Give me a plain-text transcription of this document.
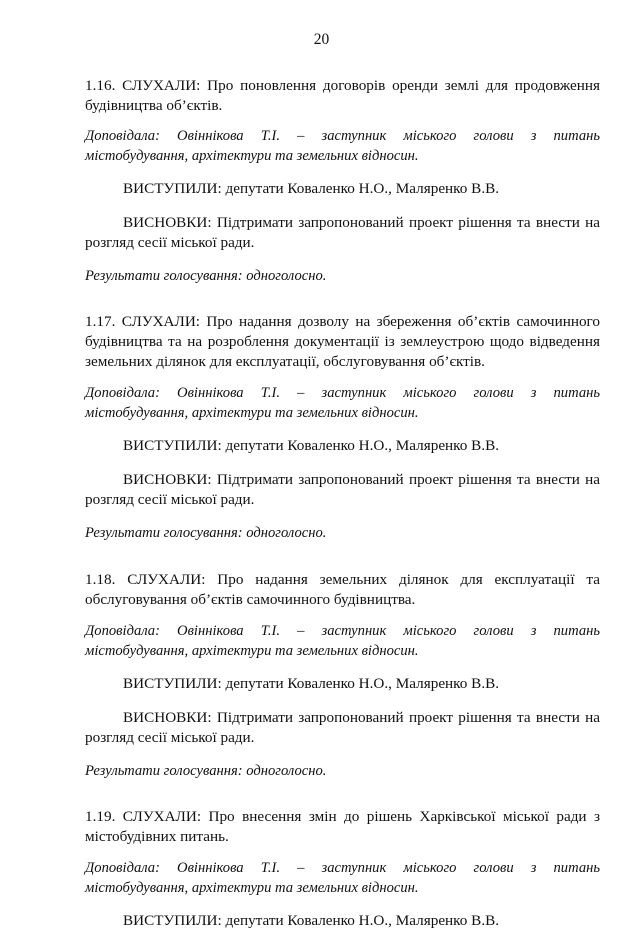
20

1.16. СЛУХАЛИ: Про поновлення договорів оренди землі для продовження будівництва об’єктів.

Доповідала: Овіннікова Т.І. – заступник міського голови з питань
містобудування, архітектури та земельних відносин.

ВИСТУПИЛИ: депутати Коваленко Н.О., Маляренко В.В.

ВИСНОВКИ: Підтримати запропонований проект рішення та внести на розгляд сесії міської ради.

Результати голосування: одноголосно.

1.17. СЛУХАЛИ: Про надання дозволу на збереження об’єктів самочинного будівництва та на розроблення документації із землеустрою щодо відведення земельних ділянок для експлуатації, обслуговування об’єктів.

Доповідала: Овіннікова Т.І. – заступник міського голови з питань
містобудування, архітектури та земельних відносин.

ВИСТУПИЛИ: депутати Коваленко Н.О., Маляренко В.В.

ВИСНОВКИ: Підтримати запропонований проект рішення та внести на розгляд сесії міської ради.

Результати голосування: одноголосно.

1.18. СЛУХАЛИ: Про надання земельних ділянок для експлуатації та обслуговування об’єктів самочинного будівництва.

Доповідала: Овіннікова Т.І. – заступник міського голови з питань
містобудування, архітектури та земельних відносин.

ВИСТУПИЛИ: депутати Коваленко Н.О., Маляренко В.В.

ВИСНОВКИ: Підтримати запропонований проект рішення та внести на розгляд сесії міської ради.

Результати голосування: одноголосно.

1.19. СЛУХАЛИ: Про внесення змін до рішень Харківської міської ради з містобудівних питань.

Доповідала: Овіннікова Т.І. – заступник міського голови з питань
містобудування, архітектури та земельних відносин.

ВИСТУПИЛИ: депутати Коваленко Н.О., Маляренко В.В.
